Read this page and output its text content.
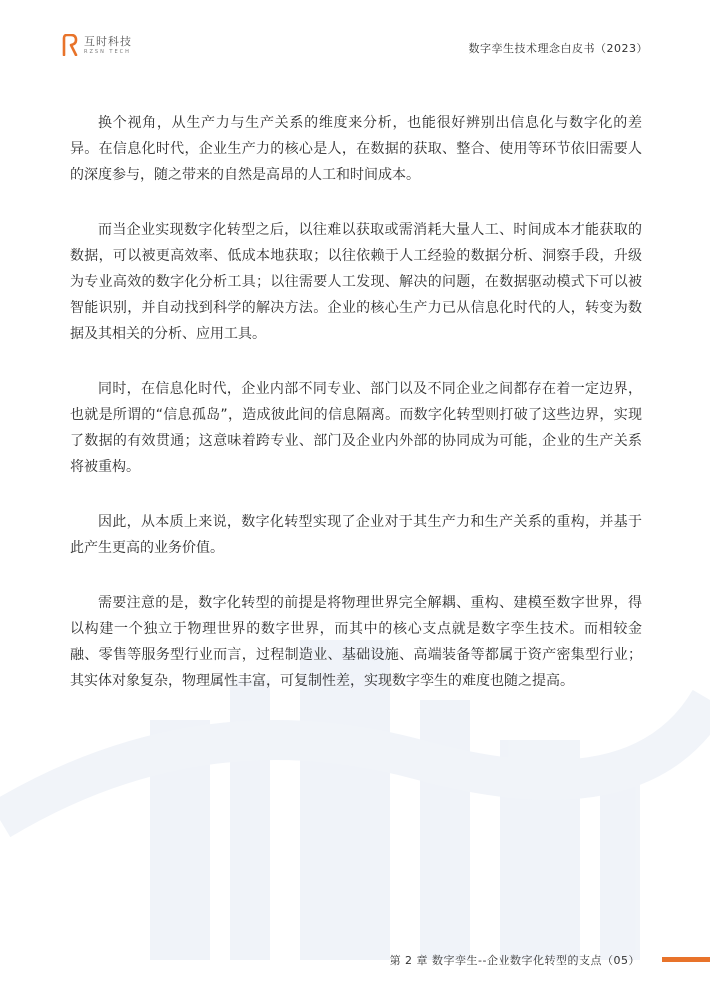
互时科技
RZSN TECH	数字孪生技术理念白皮书（2023）

换个视角，从生产力与生产关系的维度来分析，也能很好辨别出信息化与数字化的差异。在信息化时代，企业生产力的核心是人，在数据的获取、整合、使用等环节依旧需要人的深度参与，随之带来的自然是高昂的人工和时间成本。

而当企业实现数字化转型之后，以往难以获取或需消耗大量人工、时间成本才能获取的数据，可以被更高效率、低成本地获取；以往依赖于人工经验的数据分析、洞察手段，升级为专业高效的数字化分析工具；以往需要人工发现、解决的问题，在数据驱动模式下可以被智能识别，并自动找到科学的解决方法。企业的核心生产力已从信息化时代的人，转变为数据及其相关的分析、应用工具。

同时，在信息化时代，企业内部不同专业、部门以及不同企业之间都存在着一定边界，也就是所谓的“信息孤岛”，造成彼此间的信息隔离。而数字化转型则打破了这些边界，实现了数据的有效贯通；这意味着跨专业、部门及企业内外部的协同成为可能，企业的生产关系将被重构。

因此，从本质上来说，数字化转型实现了企业对于其生产力和生产关系的重构，并基于此产生更高的业务价值。

需要注意的是，数字化转型的前提是将物理世界完全解耦、重构、建模至数字世界，得以构建一个独立于物理世界的数字世界，而其中的核心支点就是数字孪生技术。而相较金融、零售等服务型行业而言，过程制造业、基础设施、高端装备等都属于资产密集型行业；其实体对象复杂，物理属性丰富，可复制性差，实现数字孪生的难度也随之提高。

第 2 章 数字孪生--企业数字化转型的支点（05）
